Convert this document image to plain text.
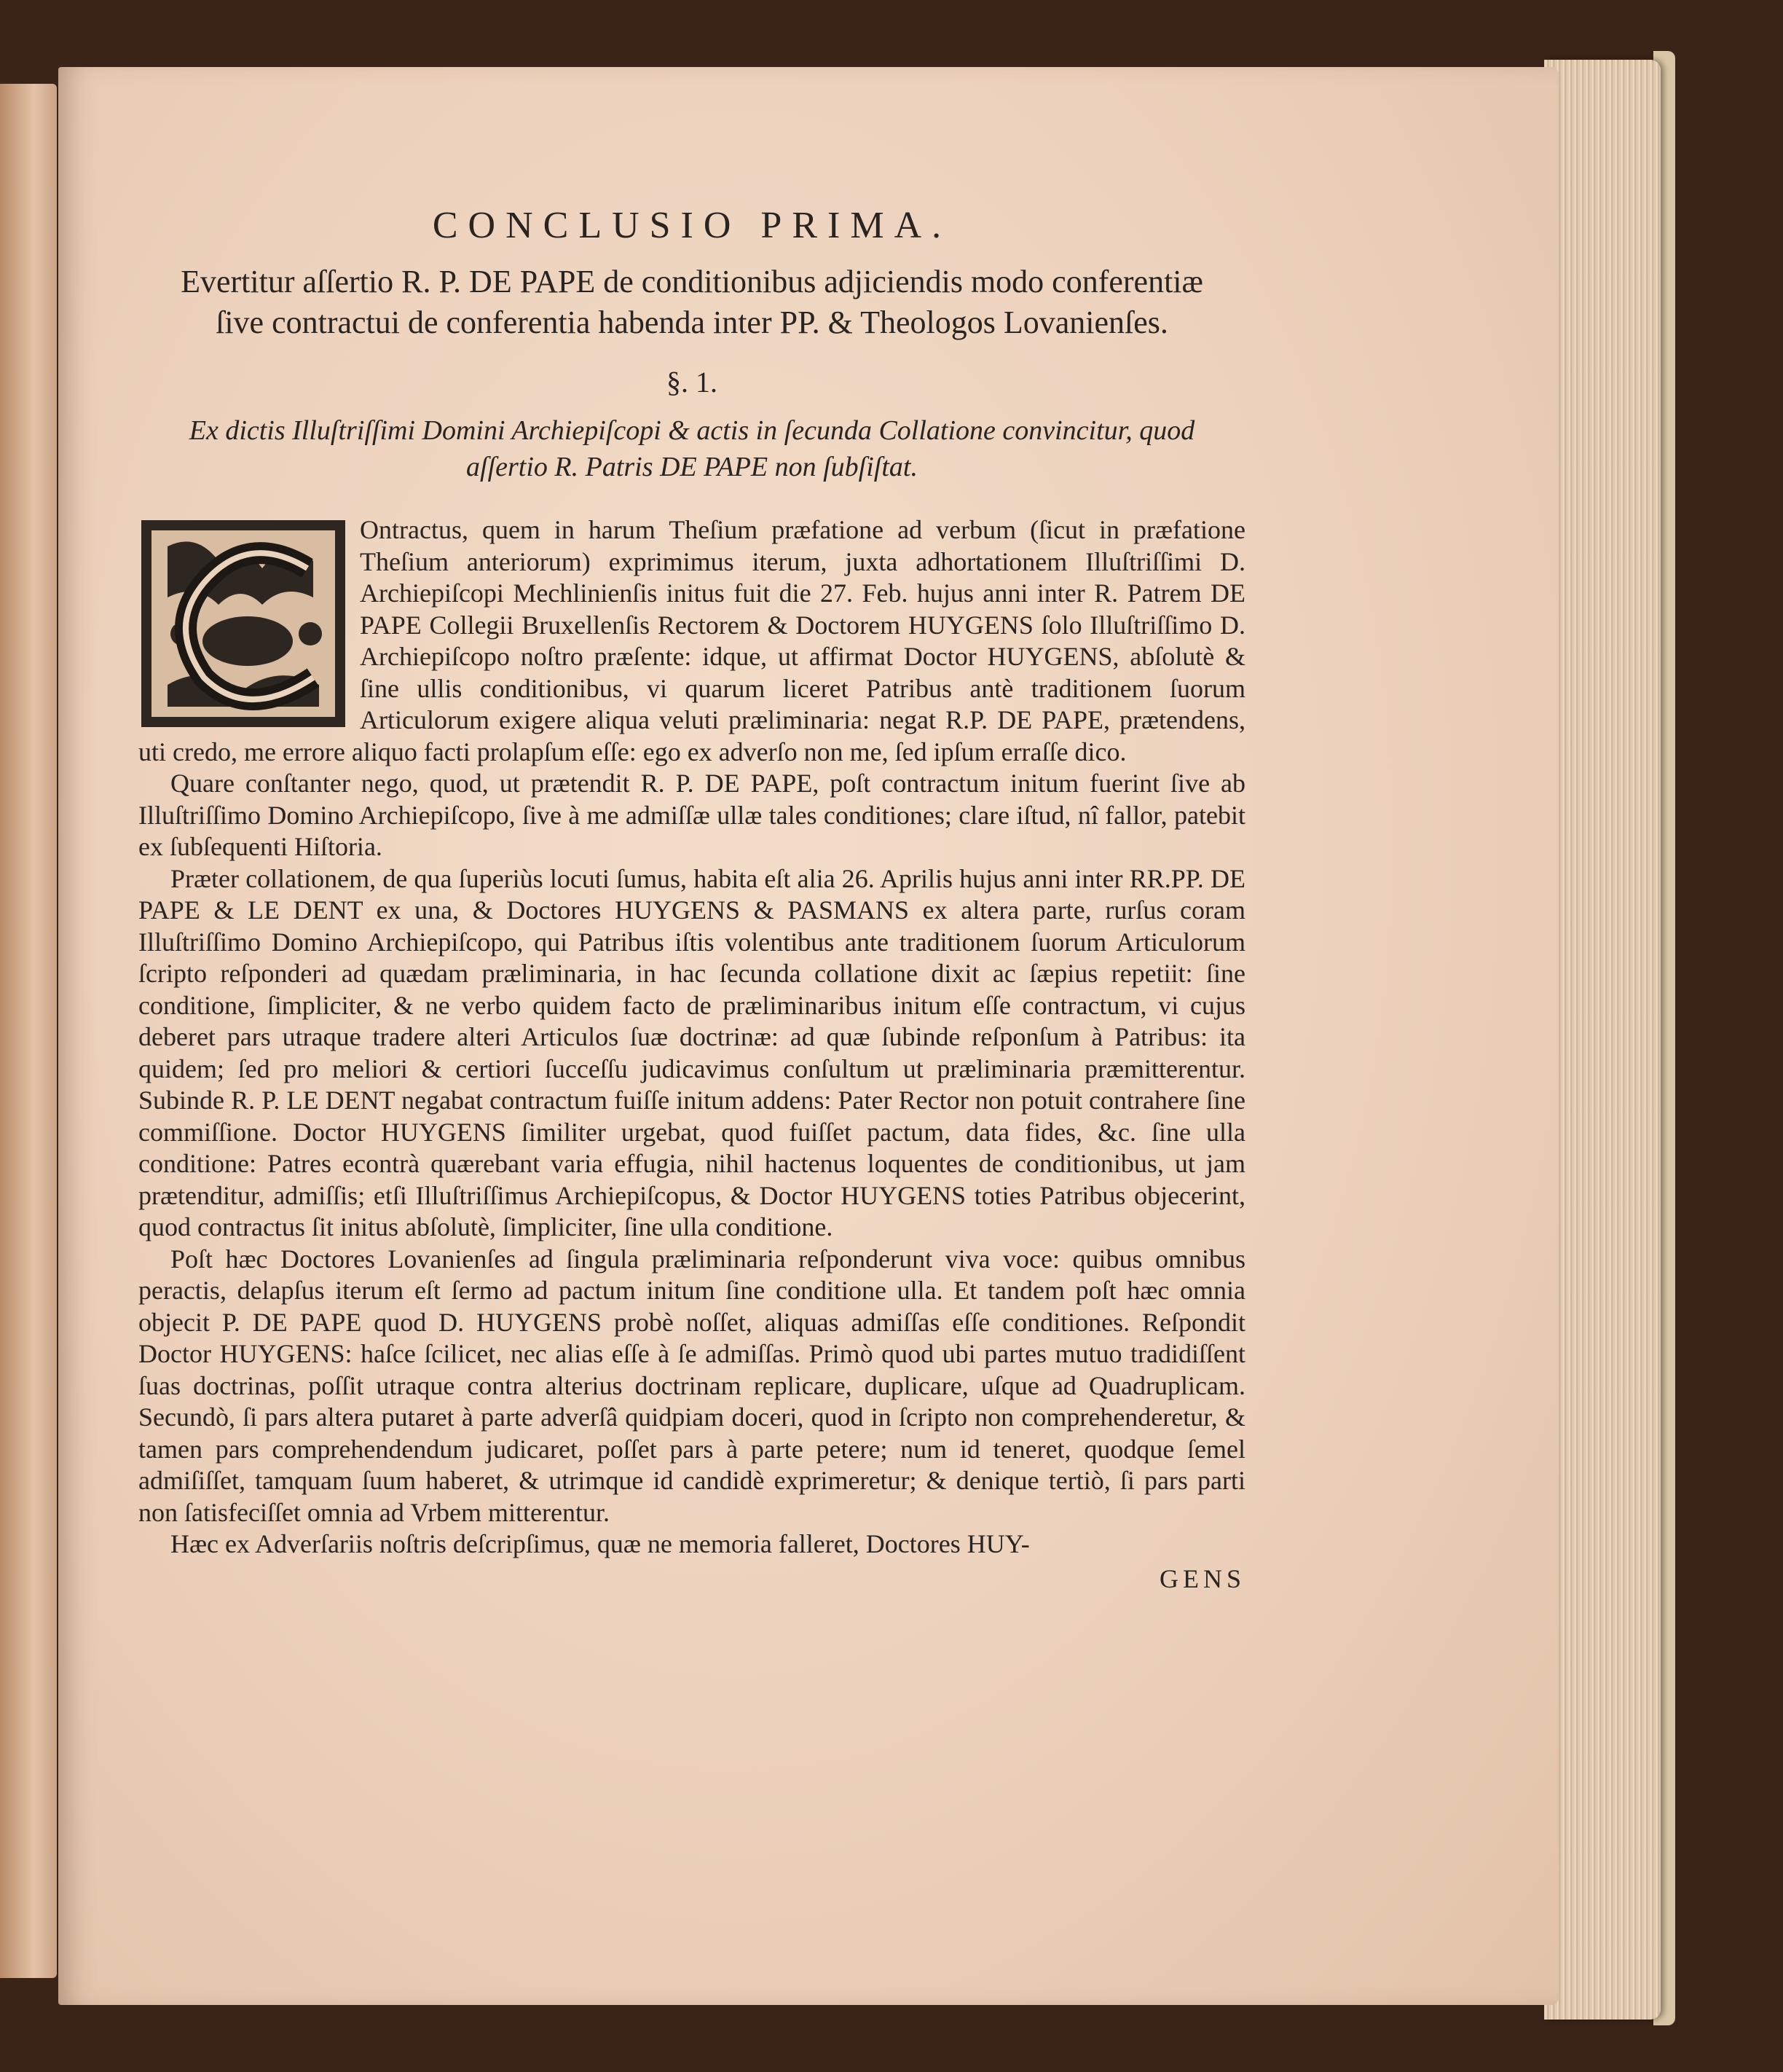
CONCLUSIO PRIMA.
Evertitur aſſertio R. P. DE PAPE de conditionibus adjiciendis modo conferentiæ ſive contractui de conferentia habenda inter PP. & Theologos Lovanienſes.
§. 1.
Ex dictis Illuſtriſſimi Domini Archiepiſcopi & actis in ſecunda Collatione convincitur, quod aſſertio R. Patris DE PAPE non ſubſiſtat.

Ontractus, quem in harum Theſium præfatione ad verbum (ſicut in præfatione Theſium anteriorum) exprimimus iterum, juxta adhortationem Illuſtriſſimi D. Archiepiſcopi Mechlinienſis initus fuit die 27. Feb. hujus anni inter R. Patrem DE PAPE Collegii Bruxellenſis Rectorem & Doctorem HUYGENS ſolo Illuſtriſſimo D. Archiepiſcopo noſtro præſente: idque, ut affirmat Doctor HUYGENS, abſolutè & ſine ullis conditionibus, vi quarum liceret Patribus antè traditionem ſuorum Articulorum exigere aliqua veluti præliminaria: negat R.P. DE PAPE, prætendens, uti credo, me errore aliquo facti prolapſum eſſe: ego ex adverſo non me, ſed ipſum erraſſe dico.

Quare conſtanter nego, quod, ut prætendit R. P. DE PAPE, poſt contractum initum fuerint ſive ab Illuſtriſſimo Domino Archiepiſcopo, ſive à me admiſſæ ullæ tales conditiones; clare iſtud, nî fallor, patebit ex ſubſequenti Hiſtoria.

Præter collationem, de qua ſuperiùs locuti ſumus, habita eſt alia 26. Aprilis hujus anni inter RR.PP. DE PAPE & LE DENT ex una, & Doctores HUYGENS & PASMANS ex altera parte, rurſus coram Illuſtriſſimo Domino Archiepiſcopo, qui Patribus iſtis volentibus ante traditionem ſuorum Articulorum ſcripto reſponderi ad quædam præliminaria, in hac ſecunda collatione dixit ac ſæpius repetiit: ſine conditione, ſimpliciter, & ne verbo quidem facto de præliminaribus initum eſſe contractum, vi cujus deberet pars utraque tradere alteri Articulos ſuæ doctrinæ: ad quæ ſubinde reſponſum à Patribus: ita quidem; ſed pro meliori & certiori ſucceſſu judicavimus conſultum ut præliminaria præmitterentur. Subinde R. P. LE DENT negabat contractum fuiſſe initum addens: Pater Rector non potuit contrahere ſine commiſſione. Doctor HUYGENS ſimiliter urgebat, quod fuiſſet pactum, data fides, &c. ſine ulla conditione: Patres econtrà quærebant varia effugia, nihil hactenus loquentes de conditionibus, ut jam prætenditur, admiſſis; etſi Illuſtriſſimus Archiepiſcopus, & Doctor HUYGENS toties Patribus objecerint, quod contractus ſit initus abſolutè, ſimpliciter, ſine ulla conditione.

Poſt hæc Doctores Lovanienſes ad ſingula præliminaria reſponderunt viva voce: quibus omnibus peractis, delapſus iterum eſt ſermo ad pactum initum ſine conditione ulla. Et tandem poſt hæc omnia objecit P. DE PAPE quod D. HUYGENS probè noſſet, aliquas admiſſas eſſe conditiones. Reſpondit Doctor HUYGENS: haſce ſcilicet, nec alias eſſe à ſe admiſſas. Primò quod ubi partes mutuo tradidiſſent ſuas doctrinas, poſſit utraque contra alterius doctrinam replicare, duplicare, uſque ad Quadruplicam. Secundò, ſi pars altera putaret à parte adverſâ quidpiam doceri, quod in ſcripto non comprehenderetur, & tamen pars comprehendendum judicaret, poſſet pars à parte petere; num id teneret, quodque ſemel admiſiſſet, tamquam ſuum haberet, & utrimque id candidè exprimeretur; & denique tertiò, ſi pars parti non ſatisfeciſſet omnia ad Vrbem mitterentur.

Hæc ex Adverſariis noſtris deſcripſimus, quæ ne memoria falleret, Doctores HUY-

GENS
